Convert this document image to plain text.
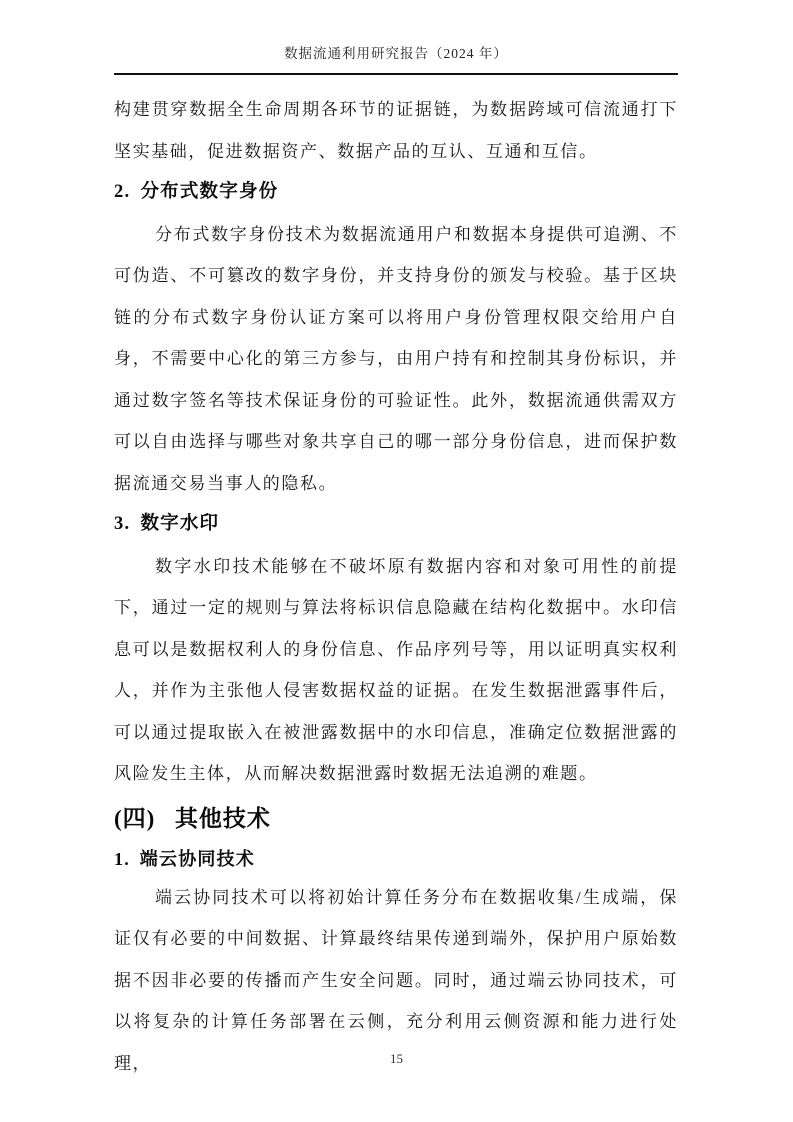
数据流通利用研究报告（2024 年）

构建贯穿数据全生命周期各环节的证据链，为数据跨域可信流通打下坚实基础，促进数据资产、数据产品的互认、互通和互信。

2. 分布式数字身份

分布式数字身份技术为数据流通用户和数据本身提供可追溯、不可伪造、不可篡改的数字身份，并支持身份的颁发与校验。基于区块链的分布式数字身份认证方案可以将用户身份管理权限交给用户自身，不需要中心化的第三方参与，由用户持有和控制其身份标识，并通过数字签名等技术保证身份的可验证性。此外，数据流通供需双方可以自由选择与哪些对象共享自己的哪一部分身份信息，进而保护数据流通交易当事人的隐私。

3. 数字水印

数字水印技术能够在不破坏原有数据内容和对象可用性的前提下，通过一定的规则与算法将标识信息隐藏在结构化数据中。水印信息可以是数据权利人的身份信息、作品序列号等，用以证明真实权利人，并作为主张他人侵害数据权益的证据。在发生数据泄露事件后，可以通过提取嵌入在被泄露数据中的水印信息，准确定位数据泄露的风险发生主体，从而解决数据泄露时数据无法追溯的难题。

(四) 其他技术
1. 端云协同技术

端云协同技术可以将初始计算任务分布在数据收集/生成端，保证仅有必要的中间数据、计算最终结果传递到端外，保护用户原始数据不因非必要的传播而产生安全问题。同时，通过端云协同技术，可以将复杂的计算任务部署在云侧，充分利用云侧资源和能力进行处理，	15
